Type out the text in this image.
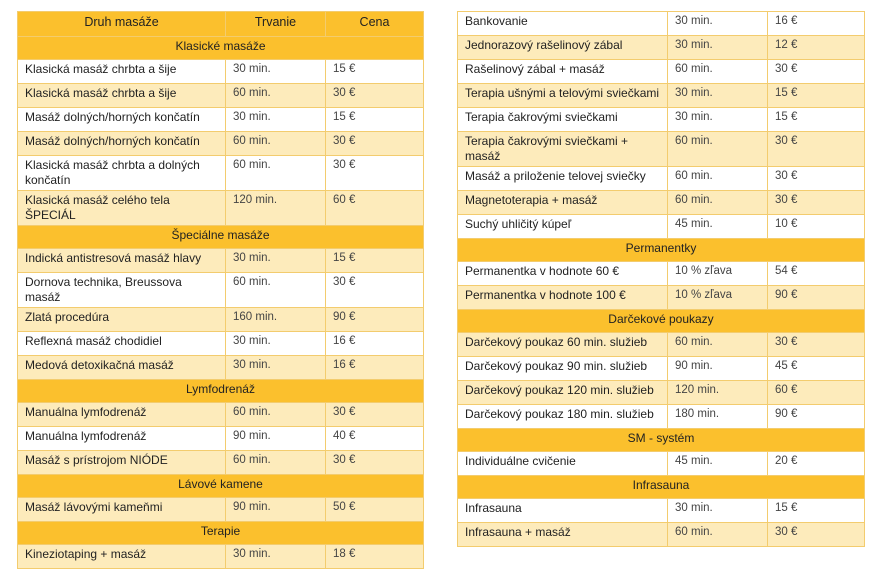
Druh masáže	Trvanie	Cena
Klasické masáže		
Klasická masáž chrbta a šije	30 min.	15 €
Klasická masáž chrbta a šije	60 min.	30 €
Masáž dolných/horných končatín	30 min.	15 €
Masáž dolných/horných končatín	60 min.	30 €
Klasická masáž chrbta a dolných končatín	60 min.	30 €
Klasická masáž celého tela ŠPECIÁL	120 min.	60 €
Špeciálne masáže		
Indická antistresová masáž hlavy	30 min.	15 €
Dornova technika, Breussova masáž	60 min.	30 €
Zlatá procedúra	160 min.	90 €
Reflexná masáž chodidiel	30 min.	16 €
Medová detoxikačná masáž	30 min.	16 €
Lymfodrenáž		
Manuálna lymfodrenáž	60 min.	30 €
Manuálna lymfodrenáž	90 min.	40 €
Masáž s prístrojom NIÓDE	60 min.	30 €
Lávové kamene		
Masáž lávovými kameňmi	90 min.	50 €
Terapie		
Kineziotaping + masáž	30 min.	18 €
Bankovanie	30 min.	16 €
Jednorazový rašelinový zábal	30 min.	12 €
Rašelinový zábal + masáž	60 min.	30 €
Terapia ušnými a telovými sviečkami	30 min.	15 €
Terapia čakrovými sviečkami	30 min.	15 €
Terapia čakrovými sviečkami + masáž	60 min.	30 €
Masáž a priloženie telovej sviečky	60 min.	30 €
Magnetoterapia + masáž	60 min.	30 €
Suchý uhličitý kúpeľ	45 min.	10 €
Permanentky		
Permanentka v hodnote 60 €	10 % zľava	54 €
Permanentka v hodnote 100 €	10 % zľava	90 €
Darčekové poukazy		
Darčekový poukaz 60 min. služieb	60 min.	30 €
Darčekový poukaz 90 min. služieb	90 min.	45 €
Darčekový poukaz 120 min. služieb	120 min.	60 €
Darčekový poukaz 180 min. služieb	180 min.	90 €
SM - systém		
Individuálne cvičenie	45 min.	20 €
Infrasauna		
Infrasauna	30 min.	15 €
Infrasauna + masáž	60 min.	30 €
